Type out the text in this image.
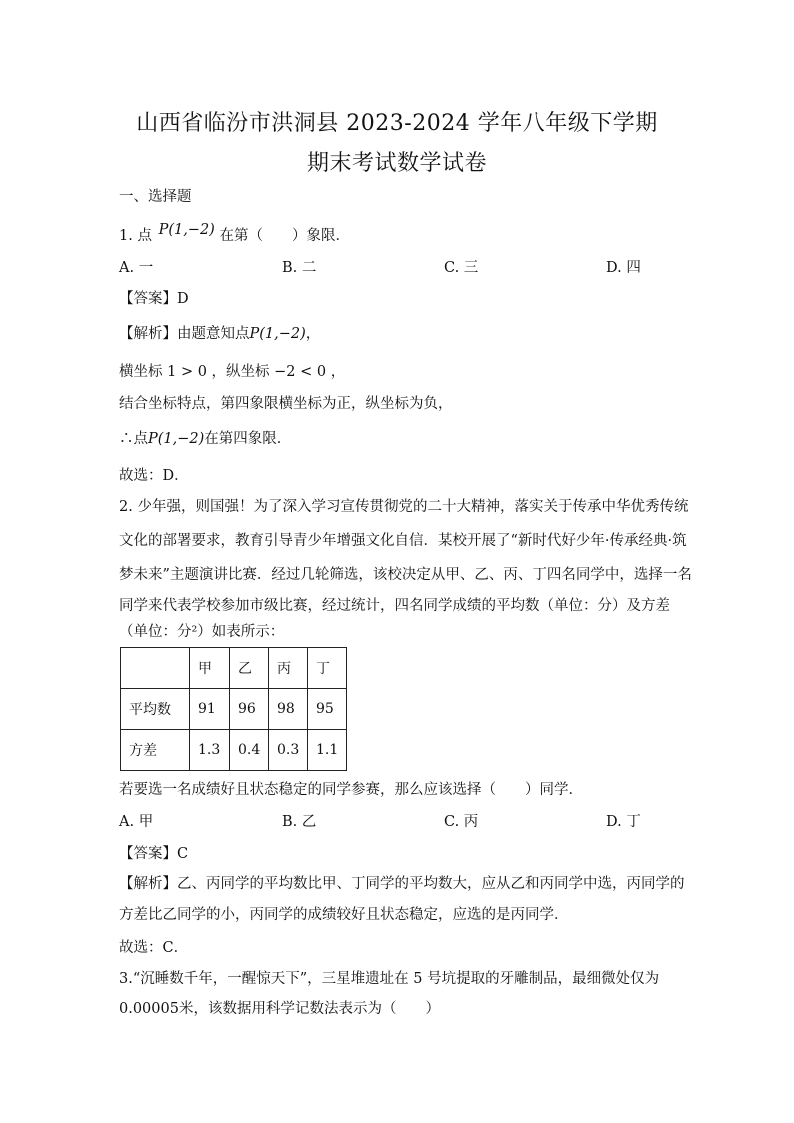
山西省临汾市洪洞县 2023-2024 学年八年级下学期
期末考试数学试卷
一、选择题
1. 点 P(1,−2) 在第（　　）象限．
A. 一	B. 二	C. 三	D. 四
【答案】D
【解析】由题意知点P(1,−2)，
横坐标 1 > 0 ，纵坐标 −2 < 0 ，
结合坐标特点，第四象限横坐标为正，纵坐标为负，
∴点P(1,−2)在第四象限．
故选：D．
2. 少年强，则国强！为了深入学习宣传贯彻党的二十大精神，落实关于传承中华优秀传统
文化的部署要求，教育引导青少年增强文化自信．某校开展了“新时代好少年·传承经典·筑
梦未来”主题演讲比赛．经过几轮筛选，该校决定从甲、乙、丙、丁四名同学中，选择一名
同学来代表学校参加市级比赛，经过统计，四名同学成绩的平均数（单位：分）及方差
（单位：分²）如表所示：
	甲	乙	丙	丁
平均数	91	96	98	95
方差	1.3	0.4	0.3	1.1
若要选一名成绩好且状态稳定的同学参赛，那么应该选择（　　）同学．
A. 甲	B. 乙	C. 丙	D. 丁
【答案】C
【解析】乙、丙同学的平均数比甲、丁同学的平均数大，应从乙和丙同学中选，丙同学的
方差比乙同学的小，丙同学的成绩较好且状态稳定，应选的是丙同学．
故选：C．
3.“沉睡数千年，一醒惊天下”，三星堆遗址在 5 号坑提取的牙雕制品，最细微处仅为
0.00005米，该数据用科学记数法表示为（　　）
